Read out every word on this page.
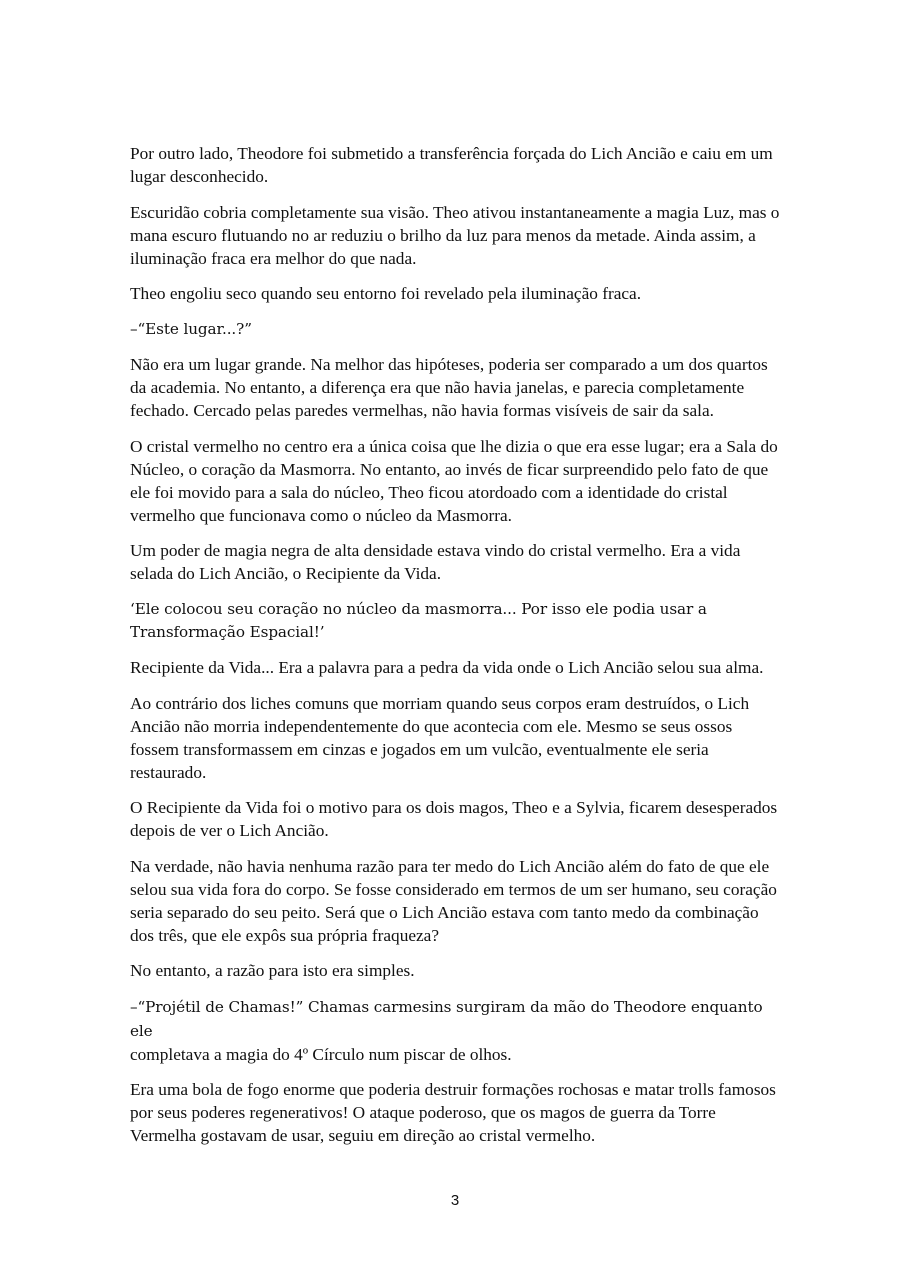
Por outro lado, Theodore foi submetido a transferência forçada do Lich Ancião e caiu em um lugar desconhecido.

Escuridão cobria completamente sua visão. Theo ativou instantaneamente a magia Luz, mas o mana escuro flutuando no ar reduziu o brilho da luz para menos da metade. Ainda assim, a iluminação fraca era melhor do que nada.

Theo engoliu seco quando seu entorno foi revelado pela iluminação fraca.

–“Este lugar...?”

Não era um lugar grande. Na melhor das hipóteses, poderia ser comparado a um dos quartos da academia. No entanto, a diferença era que não havia janelas, e parecia completamente fechado. Cercado pelas paredes vermelhas, não havia formas visíveis de sair da sala.

O cristal vermelho no centro era a única coisa que lhe dizia o que era esse lugar; era a Sala do Núcleo, o coração da Masmorra. No entanto, ao invés de ficar surpreendido pelo fato de que ele foi movido para a sala do núcleo, Theo ficou atordoado com a identidade do cristal vermelho que funcionava como o núcleo da Masmorra.

Um poder de magia negra de alta densidade estava vindo do cristal vermelho. Era a vida selada do Lich Ancião, o Recipiente da Vida.

‘Ele colocou seu coração no núcleo da masmorra... Por isso ele podia usar a Transformação Espacial!’

Recipiente da Vida... Era a palavra para a pedra da vida onde o Lich Ancião selou sua alma.

Ao contrário dos liches comuns que morriam quando seus corpos eram destruídos, o Lich Ancião não morria independentemente do que acontecia com ele. Mesmo se seus ossos fossem transformassem em cinzas e jogados em um vulcão, eventualmente ele seria restaurado.

O Recipiente da Vida foi o motivo para os dois magos, Theo e a Sylvia, ficarem desesperados depois de ver o Lich Ancião.

Na verdade, não havia nenhuma razão para ter medo do Lich Ancião além do fato de que ele selou sua vida fora do corpo. Se fosse considerado em termos de um ser humano, seu coração seria separado do seu peito. Será que o Lich Ancião estava com tanto medo da combinação dos três, que ele expôs sua própria fraqueza?

No entanto, a razão para isto era simples.

–“Projétil de Chamas!” Chamas carmesins surgiram da mão do Theodore enquanto ele
completava a magia do 4º Círculo num piscar de olhos.

Era uma bola de fogo enorme que poderia destruir formações rochosas e matar trolls famosos por seus poderes regenerativos! O ataque poderoso, que os magos de guerra da Torre Vermelha gostavam de usar, seguiu em direção ao cristal vermelho.

3
